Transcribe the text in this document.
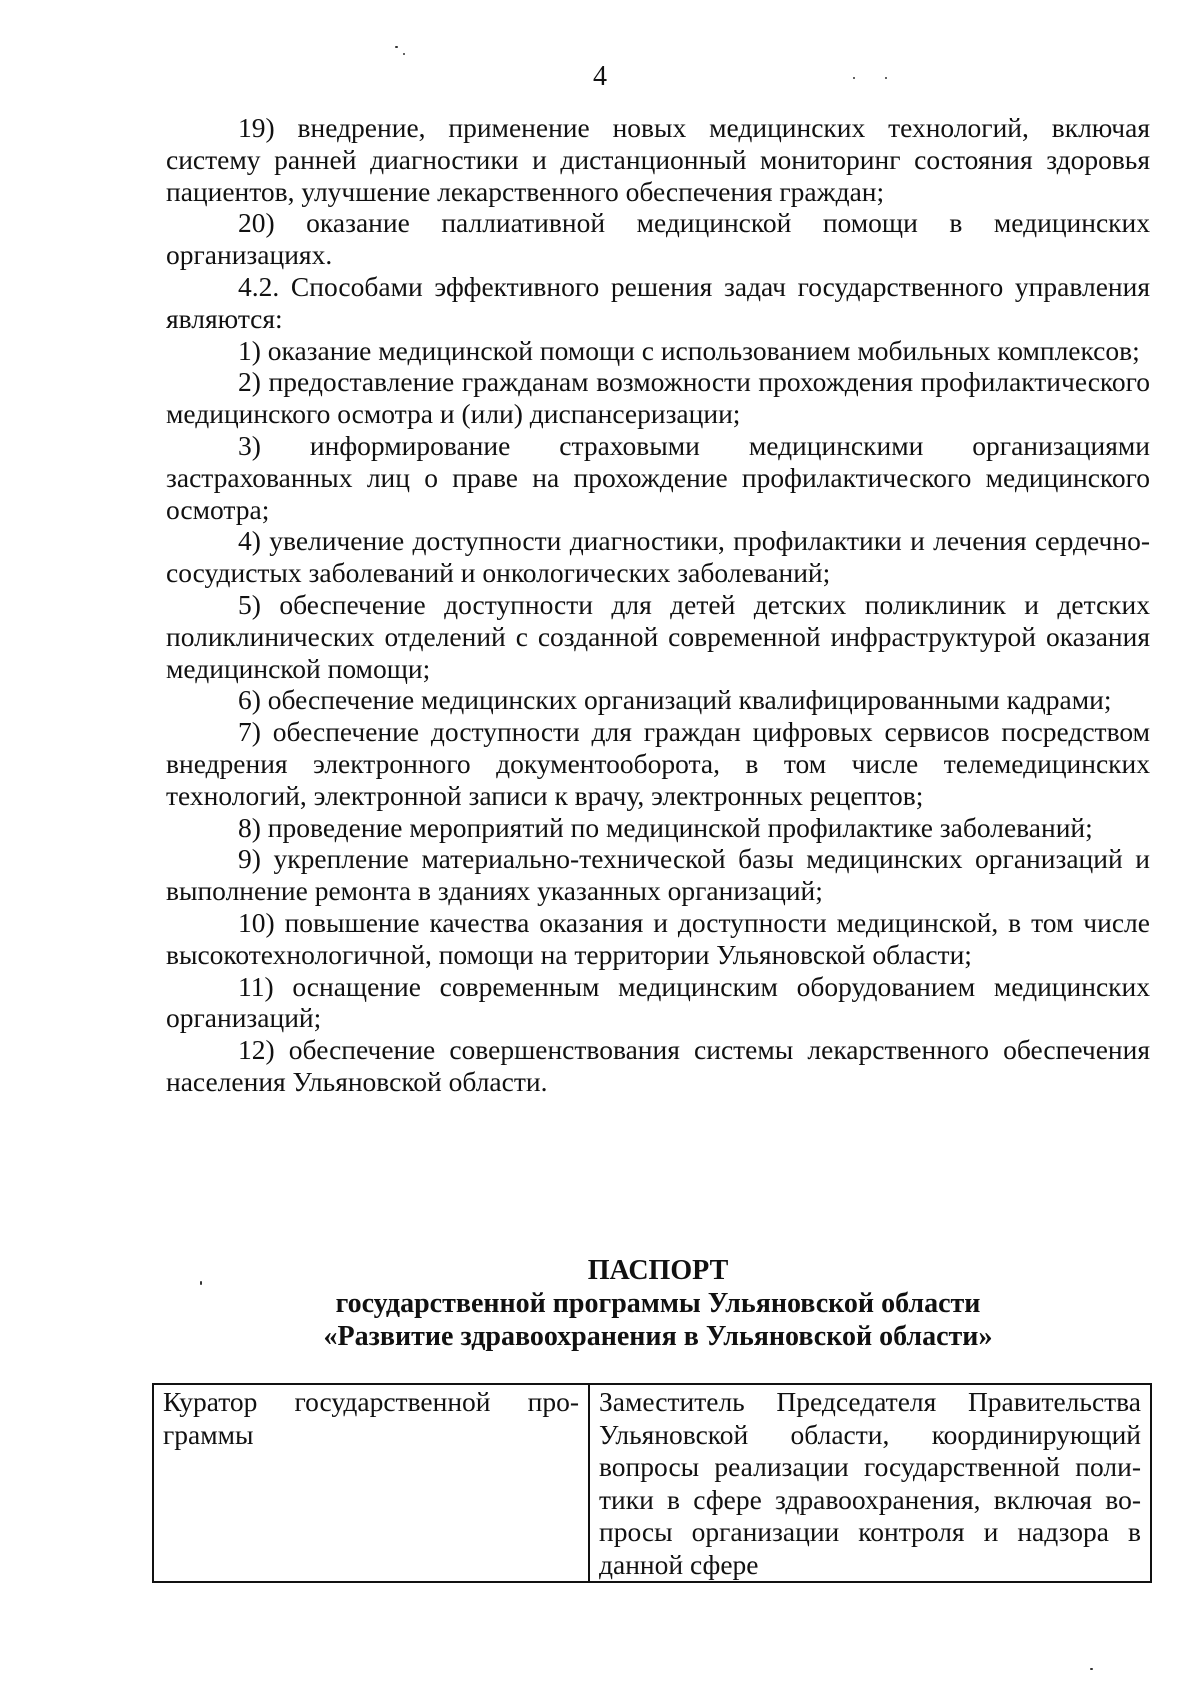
4

19) внедрение, применение новых медицинских технологий, включая систему ранней диагностики и дистанционный мониторинг состояния здоровья пациентов, улучшение лекарственного обеспечения граждан;

20) оказание паллиативной медицинской помощи в медицинских организациях.

4.2. Способами эффективного решения задач государственного управления являются:

1) оказание медицинской помощи с использованием мобильных комплексов;

2) предоставление гражданам возможности прохождения профилактического медицинского осмотра и (или) диспансеризации;

3) информирование страховыми медицинскими организациями застрахованных лиц о праве на прохождение профилактического медицинского осмотра;

4) увеличение доступности диагностики, профилактики и лечения сердечно-сосудистых заболеваний и онкологических заболеваний;

5) обеспечение доступности для детей детских поликлиник и детских поликлинических отделений с созданной современной инфраструктурой оказания медицинской помощи;

6) обеспечение медицинских организаций квалифицированными кадрами;

7) обеспечение доступности для граждан цифровых сервисов посредством внедрения электронного документооборота, в том числе телемедицинских технологий, электронной записи к врачу, электронных рецептов;

8) проведение мероприятий по медицинской профилактике заболеваний;

9) укрепление материально-технической базы медицинских организаций и выполнение ремонта в зданиях указанных организаций;

10) повышение качества оказания и доступности медицинской, в том числе высокотехнологичной, помощи на территории Ульяновской области;

11) оснащение современным медицинским оборудованием медицинских организаций;

12) обеспечение совершенствования системы лекарственного обеспечения населения Ульяновской области.

ПАСПОРТ
государственной программы Ульяновской области
«Развитие здравоохранения в Ульяновской области»
Куратор государственной программы	Заместитель Председателя Правительства Ульяновской области, координирующий вопросы реализации государственной политики в сфере здравоохранения, включая вопросы организации контроля и надзора в данной сфере
